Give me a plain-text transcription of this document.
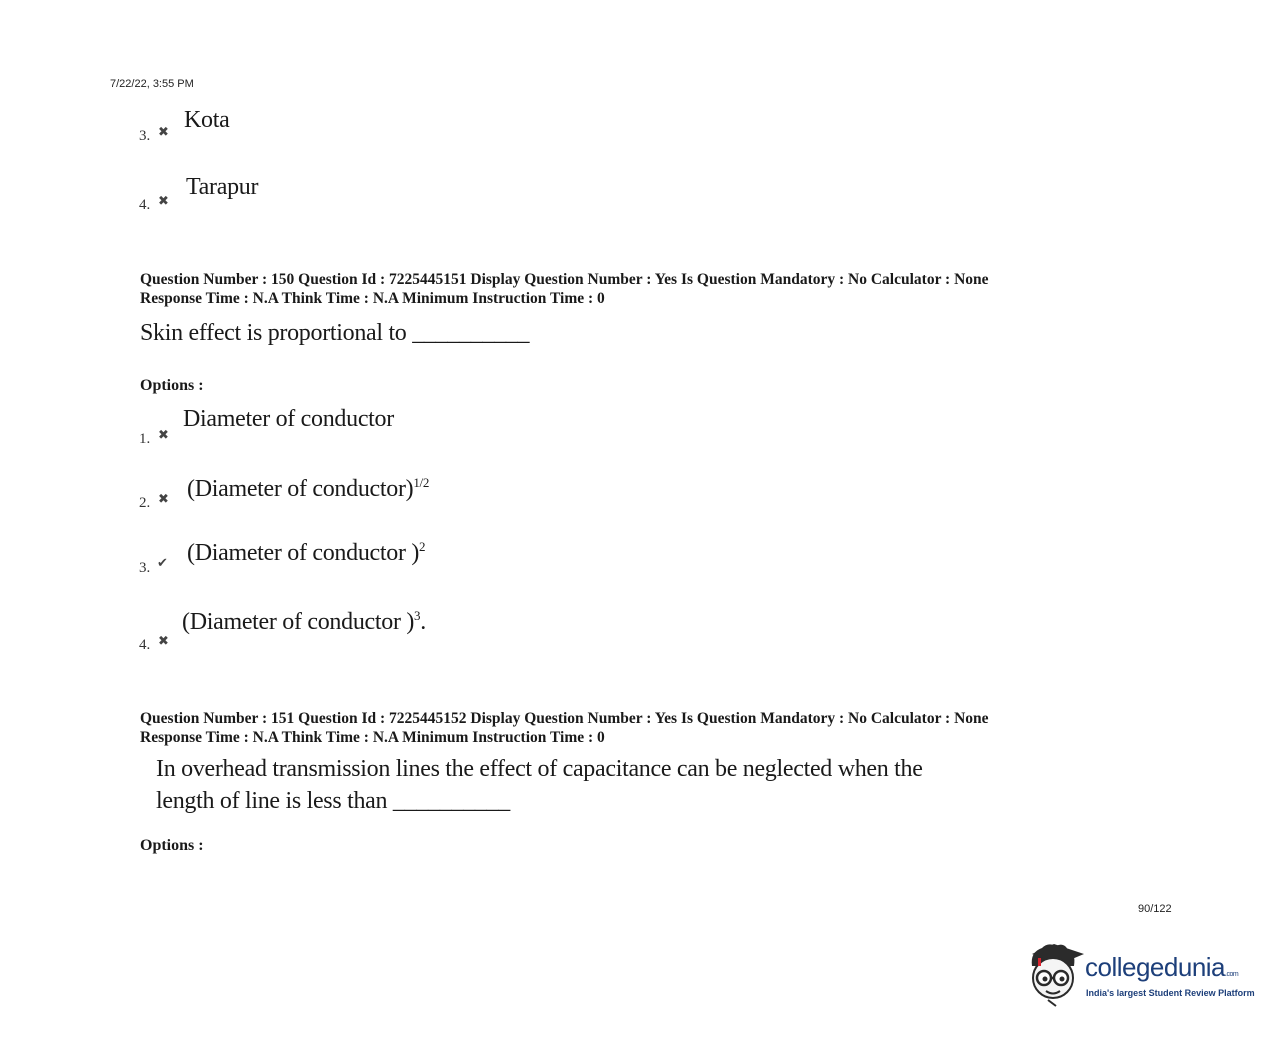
7/22/22, 3:55 PM
3. ✖ Kota
4. ✖
Tarapur
Question Number : 150 Question Id : 7225445151 Display Question Number : Yes Is Question Mandatory : No Calculator : None
Response Time : N.A Think Time : N.A Minimum Instruction Time : 0
Skin effect is proportional to __________
Options :
1. ✖
Diameter of conductor
2. ✖ (Diameter of conductor)$^{1/2}$
3. ✔ (Diameter of conductor )$^2$
4. ✖
(Diameter of conductor )$^3$.
Question Number : 151 Question Id : 7225445152 Display Question Number : Yes Is Question Mandatory : No Calculator : None
Response Time : N.A Think Time : N.A Minimum Instruction Time : 0
In overhead transmission lines the effect of capacitance can be neglected when the
length of line is less than __________
Options :
90/122
collegedunia.com
India's largest Student Review Platform
